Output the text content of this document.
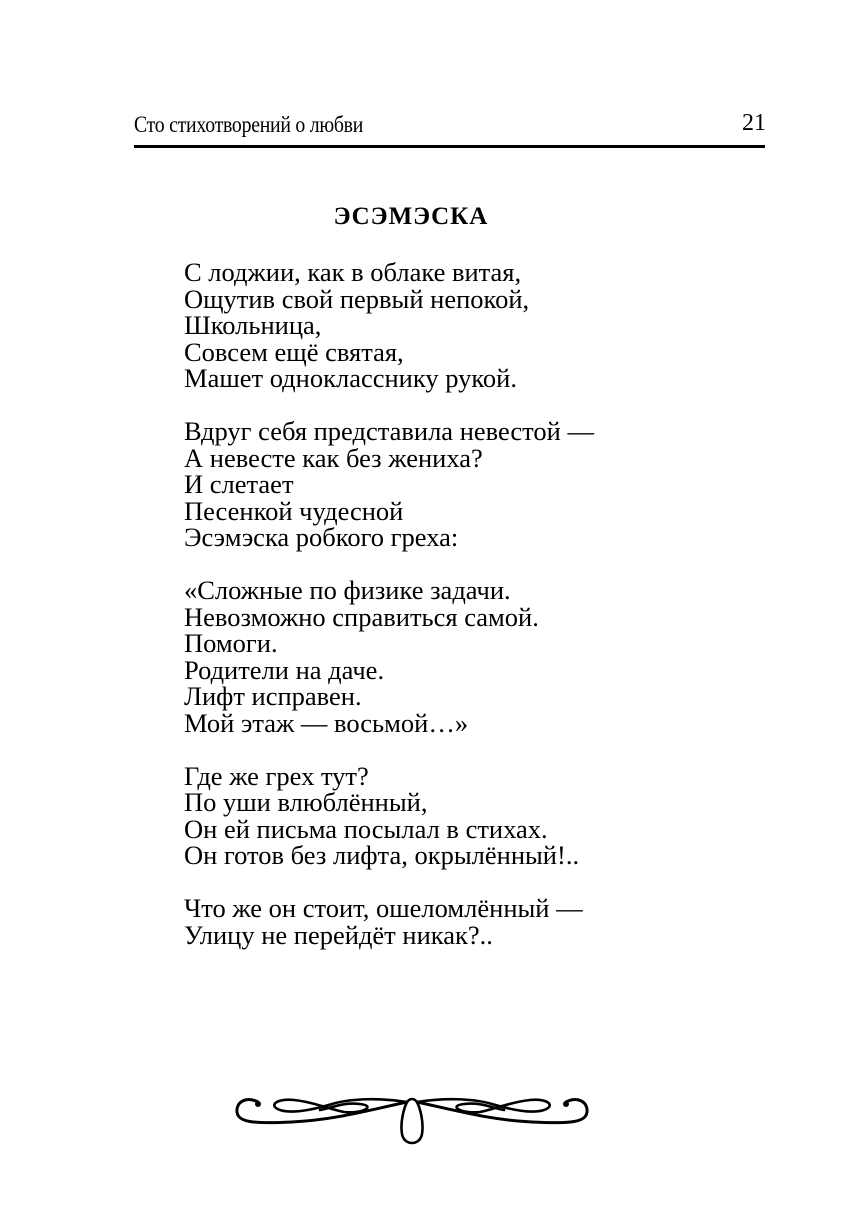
Сто стихотворений о любви	21
ЭСЭМЭСКА
С лоджии, как в облаке витая,
Ощутив свой первый непокой,
Школьница,
Совсем ещё святая,
Машет однокласснику рукой.
Вдруг себя представила невестой —
А невесте как без жениха?
И слетает
Песенкой чудесной
Эсэмэска робкого греха:
«Сложные по физике задачи.
Невозможно справиться самой.
Помоги.
Родители на даче.
Лифт исправен.
Мой этаж — восьмой…»
Где же грех тут?
По уши влюблённый,
Он ей письма посылал в стихах.
Он готов без лифта, окрылённый!..
Что же он стоит, ошеломлённый —
Улицу не перейдёт никак?..
